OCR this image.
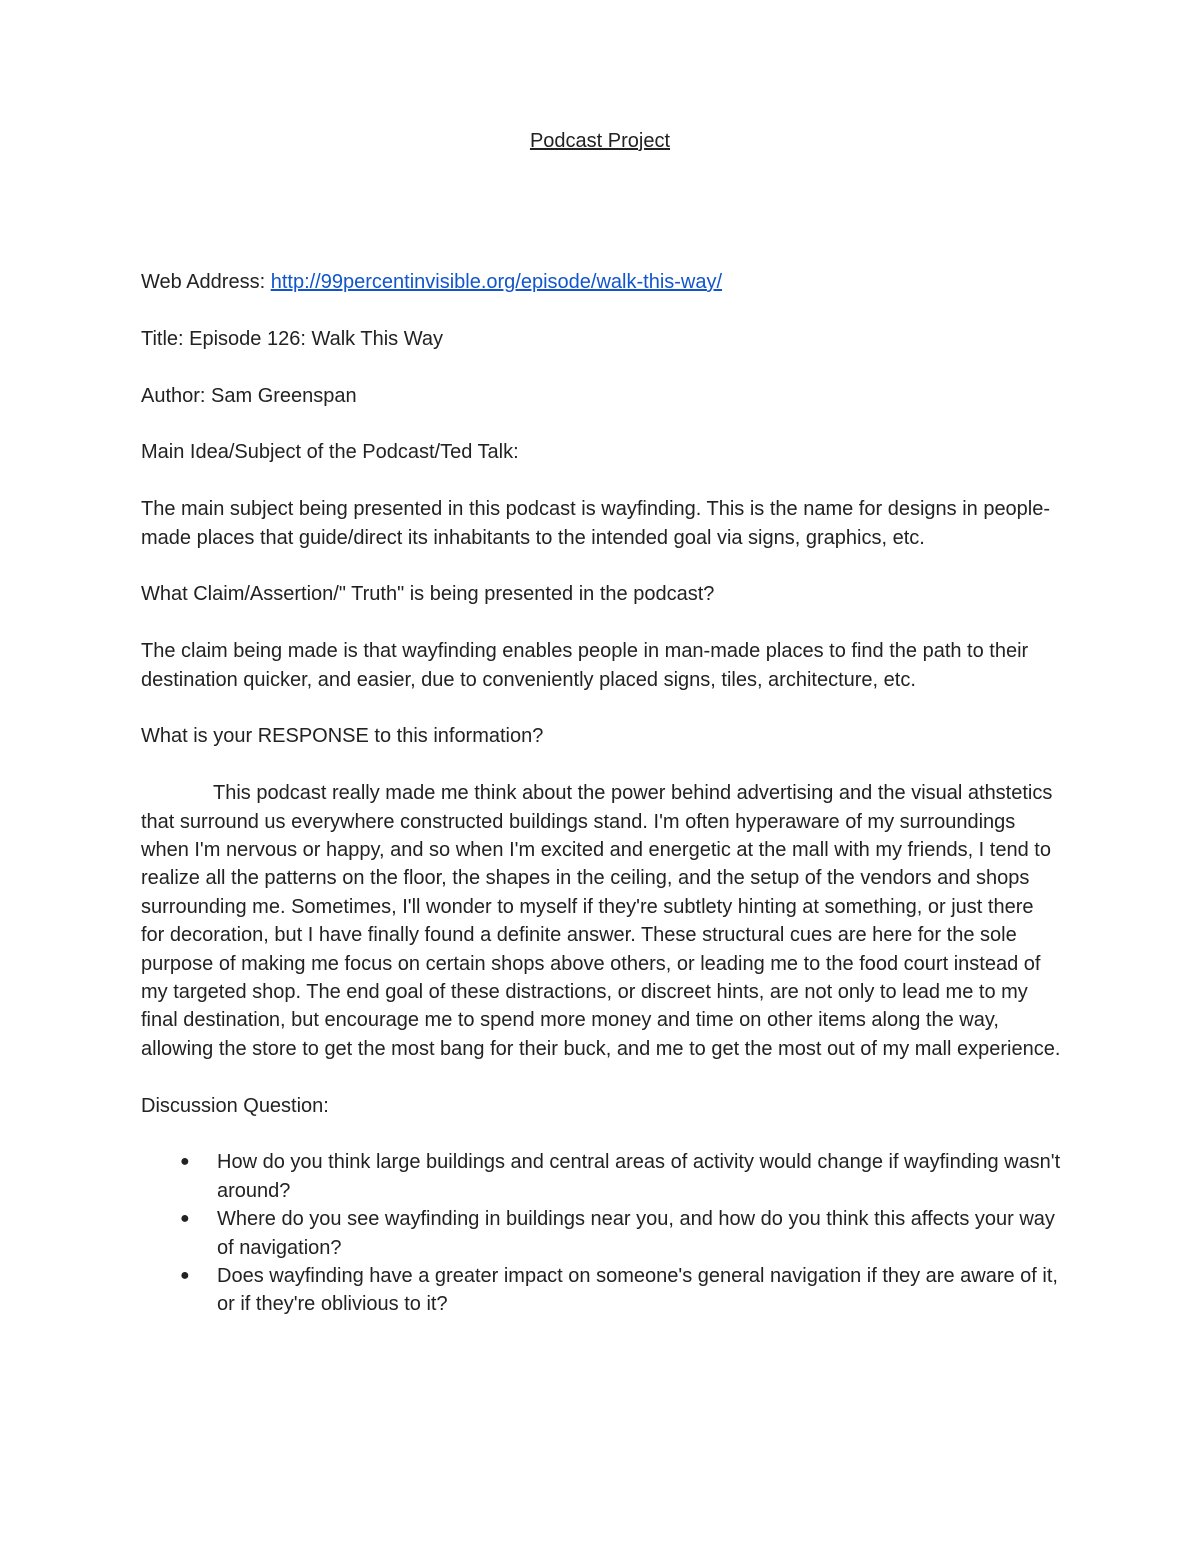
Podcast Project

Web Address: http://99percentinvisible.org/episode/walk-this-way/

Title: Episode 126: Walk This Way

Author: Sam Greenspan

Main Idea/Subject of the Podcast/Ted Talk:

The main subject being presented in this podcast is wayfinding. This is the name for designs in people-made places that guide/direct its inhabitants to the intended goal via signs, graphics, etc.

What Claim/Assertion/" Truth" is being presented in the podcast?

The claim being made is that wayfinding enables people in man-made places to find the path to their destination quicker, and easier, due to conveniently placed signs, tiles, architecture, etc.

What is your RESPONSE to this information?

This podcast really made me think about the power behind advertising and the visual athstetics that surround us everywhere constructed buildings stand. I'm often hyperaware of my surroundings when I'm nervous or happy, and so when I'm excited and energetic at the mall with my friends, I tend to realize all the patterns on the floor, the shapes in the ceiling, and the setup of the vendors and shops surrounding me. Sometimes, I'll wonder to myself if they're subtlety hinting at something, or just there for decoration, but I have finally found a definite answer. These structural cues are here for the sole purpose of making me focus on certain shops above others, or leading me to the food court instead of my targeted shop. The end goal of these distractions, or discreet hints, are not only to lead me to my final destination, but encourage me to spend more money and time on other items along the way, allowing the store to get the most bang for their buck, and me to get the most out of my mall experience.

Discussion Question:

● How do you think large buildings and central areas of activity would change if wayfinding wasn't around?
● Where do you see wayfinding in buildings near you, and how do you think this affects your way of navigation?
● Does wayfinding have a greater impact on someone's general navigation if they are aware of it, or if they're oblivious to it?
